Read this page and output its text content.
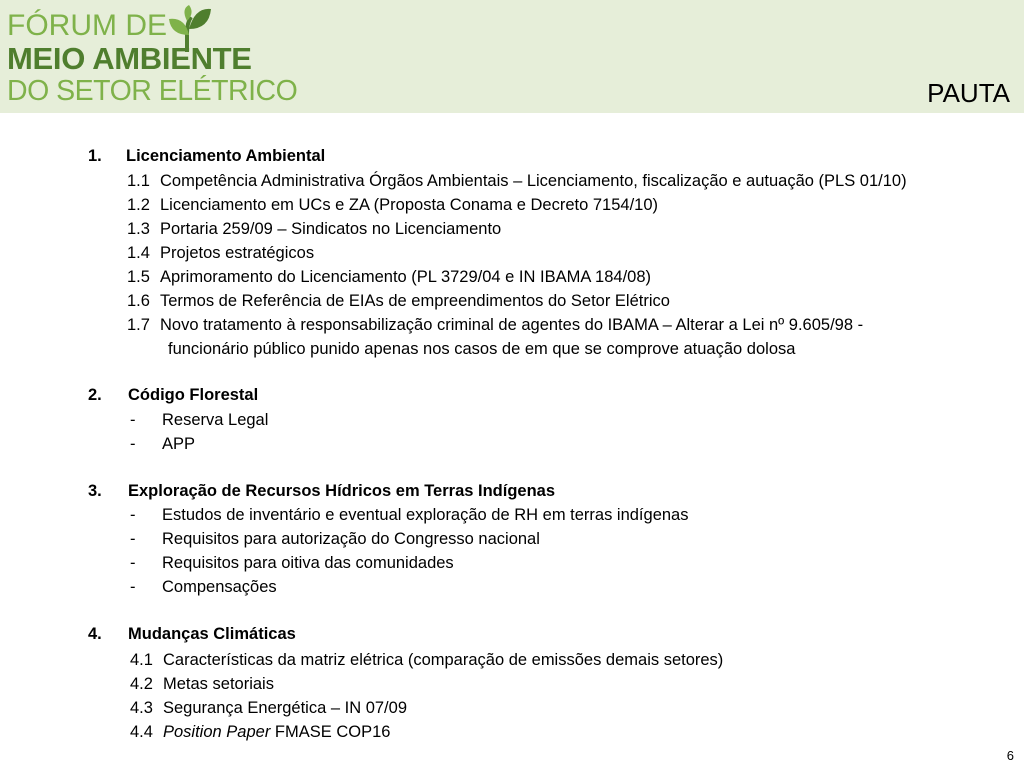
FÓRUM DE
MEIO AMBIENTE
DO SETOR ELÉTRICO	PAUTA
1. Licenciamento Ambiental
1.1 Competência Administrativa Órgãos Ambientais – Licenciamento, fiscalização e autuação (PLS 01/10)
1.2 Licenciamento em UCs e ZA (Proposta Conama e Decreto 7154/10)
1.3 Portaria 259/09 – Sindicatos no Licenciamento
1.4 Projetos estratégicos
1.5 Aprimoramento do Licenciamento (PL 3729/04 e IN IBAMA 184/08)
1.6 Termos de Referência de EIAs de empreendimentos do Setor Elétrico
1.7 Novo tratamento à responsabilização criminal de agentes do IBAMA – Alterar a Lei nº 9.605/98 -
funcionário público punido apenas nos casos de em que se comprove atuação dolosa
2. Código Florestal
- Reserva Legal
- APP
3. Exploração de Recursos Hídricos em Terras Indígenas
- Estudos de inventário e eventual exploração de RH em terras indígenas
- Requisitos para autorização do Congresso nacional
- Requisitos para oitiva das comunidades
- Compensações
4. Mudanças Climáticas
4.1 Características da matriz elétrica (comparação de emissões demais setores)
4.2 Metas setoriais
4.3 Segurança Energética – IN 07/09
4.4 Position Paper FMASE COP16
6
